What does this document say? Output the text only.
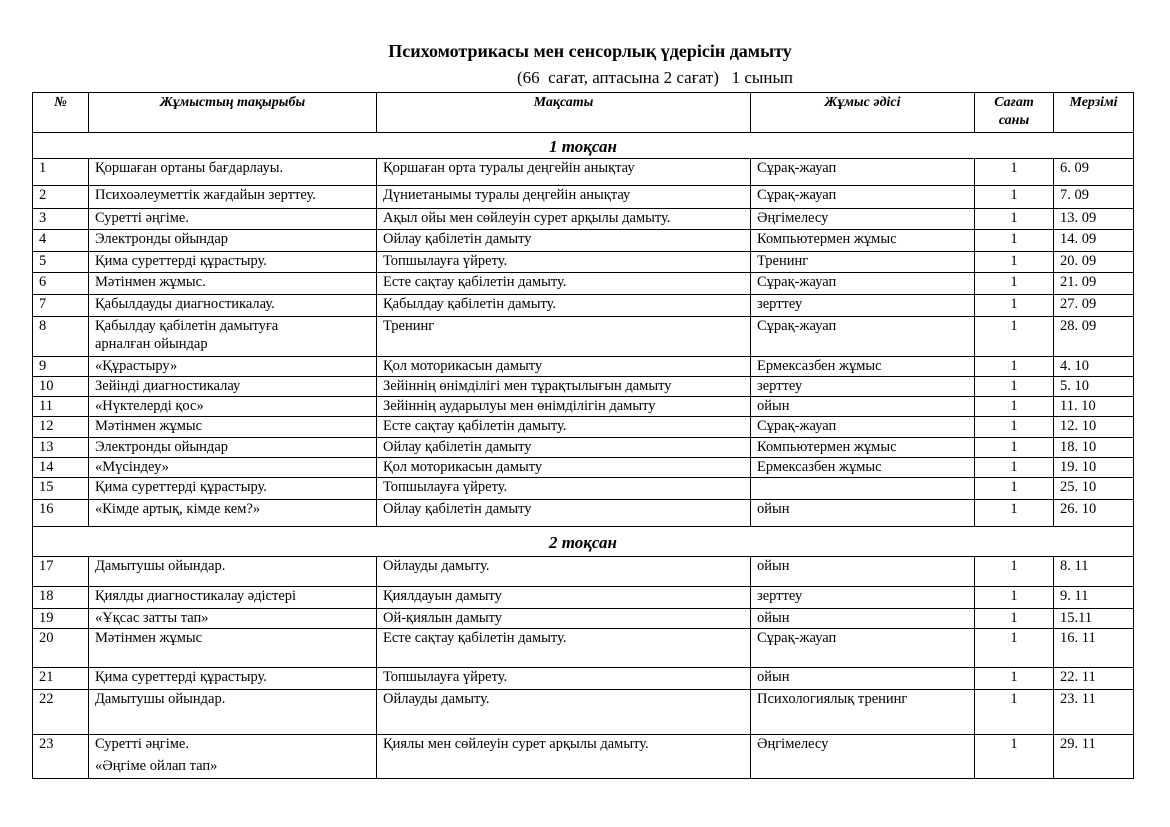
Психомотрикасы мен сенсорлық үдерісін дамыту
(66  сағат, аптасына 2 сағат)   1 сынып
№	Жұмыстың тақырыбы	Мақсаты	Жұмыс әдісі	Сағат
саны	Мерзімі
1 тоқсан					
1	Қоршаған ортаны бағдарлауы.	Қоршаған орта туралы деңгейін анықтау	Сұрақ-жауап	1	6. 09
2	Психоәлеуметтік жағдайын зерттеу.	Дүниетанымы туралы деңгейін анықтау	Сұрақ-жауап	1	7. 09
3	Суретті әңгіме.	Ақыл ойы мен сөйлеуін сурет арқылы дамыту.	Әңгімелесу	1	13. 09
4	Электронды ойындар	Ойлау қабілетін дамыту	Компьютермен жұмыс	1	14. 09
5	Қима суреттерді құрастыру.	Топшылауға үйрету.	Тренинг	1	20. 09
6	Мәтінмен жұмыс.	Есте сақтау қабілетін дамыту.	Сұрақ-жауап	1	21. 09
7	Қабылдауды диагностикалау.	Қабылдау қабілетін дамыту.	зерттеу	1	27. 09
8	Қабылдау қабілетін дамытуға
арналған ойындар	Тренинг	Сұрақ-жауап	1	28. 09
9	«Құрастыру»	Қол моторикасын дамыту	Ермексазбен жұмыс	1	4. 10
10	Зейінді диагностикалау	Зейіннің өнімділігі мен тұрақтылығын дамыту	зерттеу	1	5. 10
11	«Нүктелерді қос»	Зейіннің аударылуы мен өнімділігін дамыту	ойын	1	11. 10
12	Мәтінмен жұмыс	Есте сақтау қабілетін дамыту.	Сұрақ-жауап	1	12. 10
13	Электронды ойындар	Ойлау қабілетін дамыту	Компьютермен жұмыс	1	18. 10
14	«Мүсіндеу»	Қол моторикасын дамыту	Ермексазбен жұмыс	1	19. 10
15	Қима суреттерді құрастыру.	Топшылауға үйрету.		1	25. 10
16	«Кімде артық, кімде кем?»	Ойлау қабілетін дамыту	ойын	1	26. 10
2 тоқсан					
17	Дамытушы ойындар.	Ойлауды дамыту.	ойын	1	8. 11
18	Қиялды диагностикалау әдістері	Қиялдауын дамыту	зерттеу	1	9. 11
19	«Ұқсас затты тап»	Ой-қиялын дамыту	ойын	1	15.11
20	Мәтінмен жұмыс	Есте сақтау қабілетін дамыту.	Сұрақ-жауап	1	16. 11
21	Қима суреттерді құрастыру.	Топшылауға үйрету.	ойын	1	22. 11
22	Дамытушы ойындар.	Ойлауды дамыту.	Психологиялық тренинг	1	23. 11
23	Суретті әңгіме.
«Әңгіме ойлап тап»	Қиялы мен сөйлеуін сурет арқылы дамыту.	Әңгімелесу	1	29. 11
